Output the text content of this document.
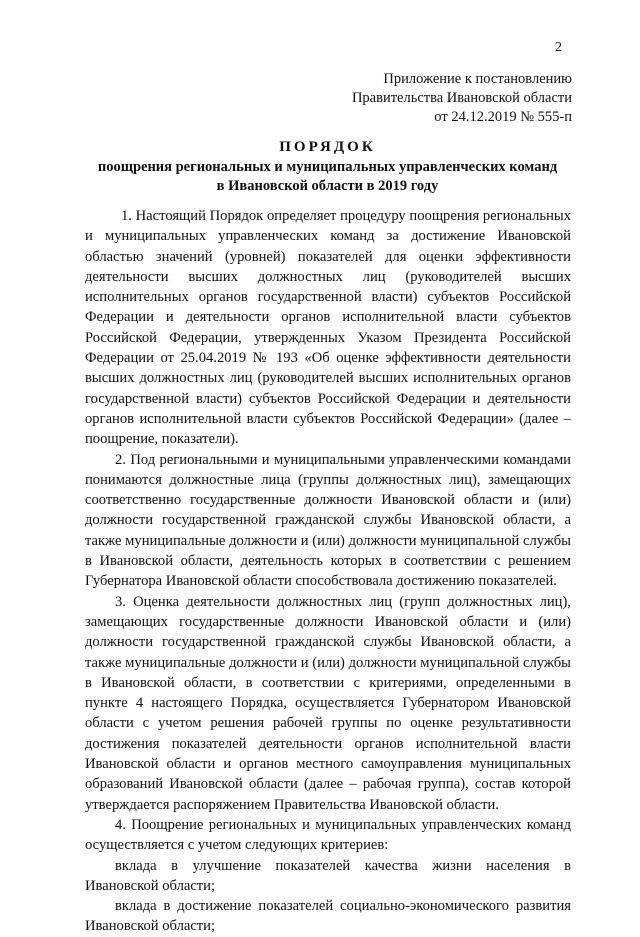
2
Приложение к постановлению
Правительства Ивановской области
от 24.12.2019 № 555-п
ПОРЯДОК
поощрения региональных и муниципальных управленческих команд
в Ивановской области в 2019 году

1. Настоящий Порядок определяет процедуру поощрения региональных и муниципальных управленческих команд за достижение Ивановской областью значений (уровней) показателей для оценки эффективности деятельности высших должностных лиц (руководителей высших исполнительных органов государственной власти) субъектов Российской Федерации и деятельности органов исполнительной власти субъектов Российской Федерации, утвержденных Указом Президента Российской Федерации от 25.04.2019 № 193 «Об оценке эффективности деятельности высших должностных лиц (руководителей высших исполнительных органов государственной власти) субъектов Российской Федерации и деятельности органов исполнительной власти субъектов Российской Федерации» (далее – поощрение, показатели).

2. Под региональными и муниципальными управленческими командами понимаются должностные лица (группы должностных лиц), замещающих соответственно государственные должности Ивановской области и (или) должности государственной гражданской службы Ивановской области, а также муниципальные должности и (или) должности муниципальной службы в Ивановской области, деятельность которых в соответствии с решением Губернатора Ивановской области способствовала достижению показателей.

3. Оценка деятельности должностных лиц (групп должностных лиц), замещающих государственные должности Ивановской области и (или) должности государственной гражданской службы Ивановской области, а также муниципальные должности и (или) должности муниципальной службы в Ивановской области, в соответствии с критериями, определенными в пункте 4 настоящего Порядка, осуществляется Губернатором Ивановской области с учетом решения рабочей группы по оценке результативности достижения показателей деятельности органов исполнительной власти Ивановской области и органов местного самоуправления муниципальных образований Ивановской области (далее – рабочая группа), состав которой утверждается распоряжением Правительства Ивановской области.

4. Поощрение региональных и муниципальных управленческих команд осуществляется с учетом следующих критериев:

вклада в улучшение показателей качества жизни населения в Ивановской области;

вклада в достижение показателей социально-экономического развития Ивановской области;
